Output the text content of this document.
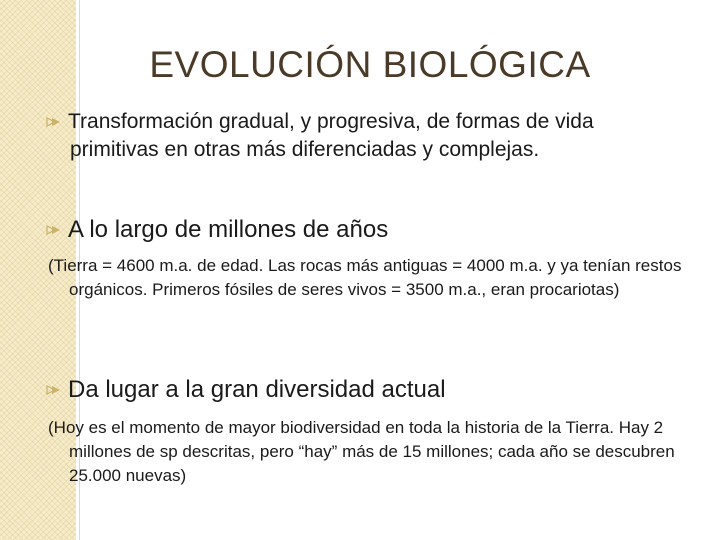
EVOLUCIÓN BIOLÓGICA
Transformación gradual, y progresiva, de formas de vida
primitivas en otras más diferenciadas y complejas.
A lo largo de millones de años
(Tierra = 4600 m.a. de edad. Las rocas más antiguas = 4000 m.a. y ya tenían restos orgánicos. Primeros fósiles de seres vivos = 3500 m.a., eran procariotas)
Da lugar a la gran diversidad actual
(Hoy es el momento de mayor biodiversidad en toda la historia de la Tierra. Hay 2 millones de sp descritas, pero “hay” más de 15 millones; cada año se descubren 25.000 nuevas)
